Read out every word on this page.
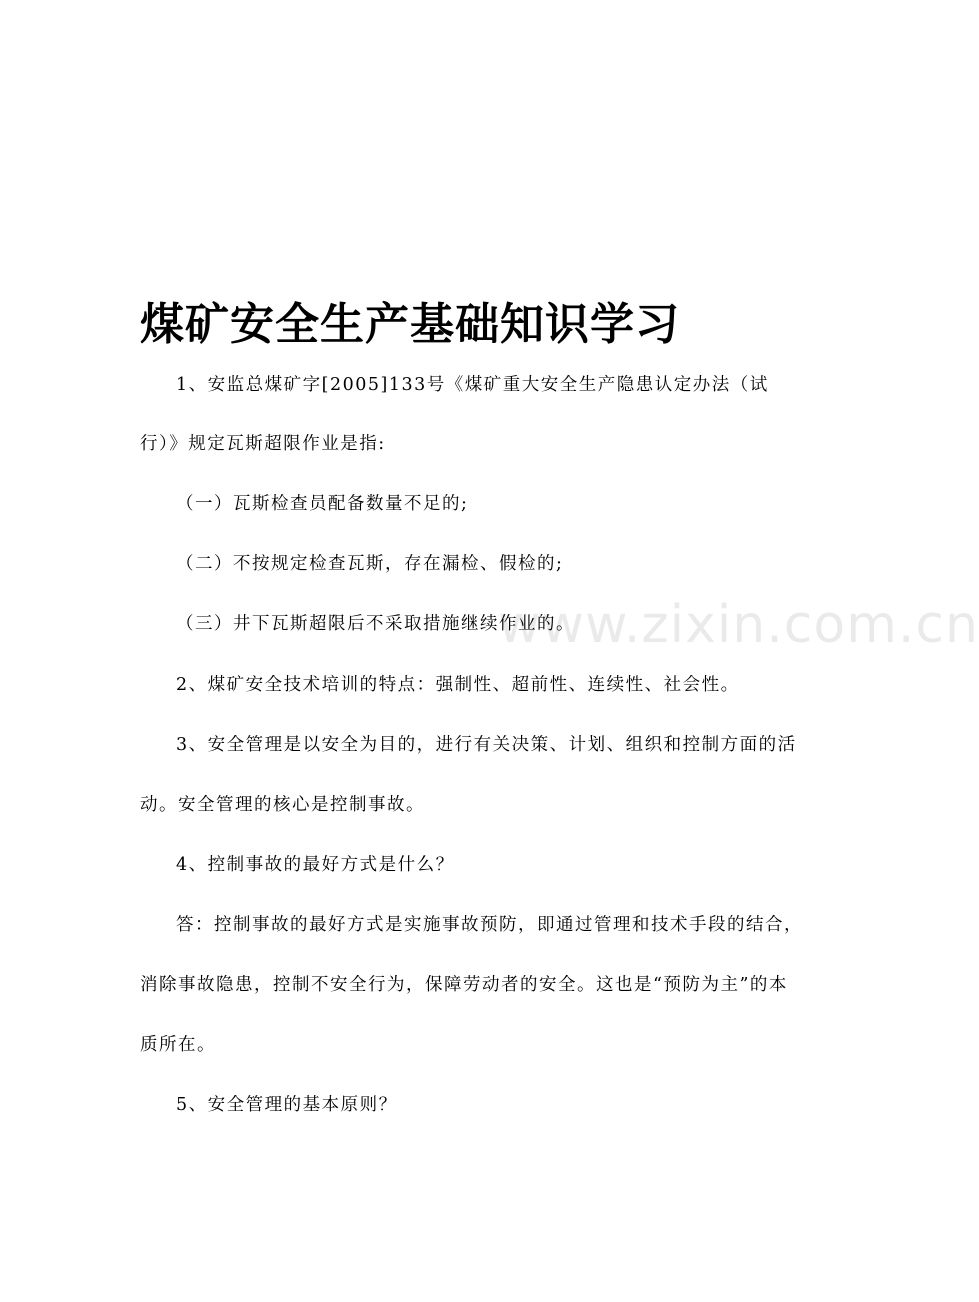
www.zixin.com.cn
煤矿安全生产基础知识学习
1、安监总煤矿字[2005]133号《煤矿重大安全生产隐患认定办法（试
行）》规定瓦斯超限作业是指:
（一）瓦斯检查员配备数量不足的;
（二）不按规定检查瓦斯，存在漏检、假检的;
（三）井下瓦斯超限后不采取措施继续作业的。
2、煤矿安全技术培训的特点：强制性、超前性、连续性、社会性。
3、安全管理是以安全为目的，进行有关决策、计划、组织和控制方面的活
动。安全管理的核心是控制事故。
4、控制事故的最好方式是什么？
答：控制事故的最好方式是实施事故预防，即通过管理和技术手段的结合，
消除事故隐患，控制不安全行为，保障劳动者的安全。这也是“预防为主”的本
质所在。
5、安全管理的基本原则？
